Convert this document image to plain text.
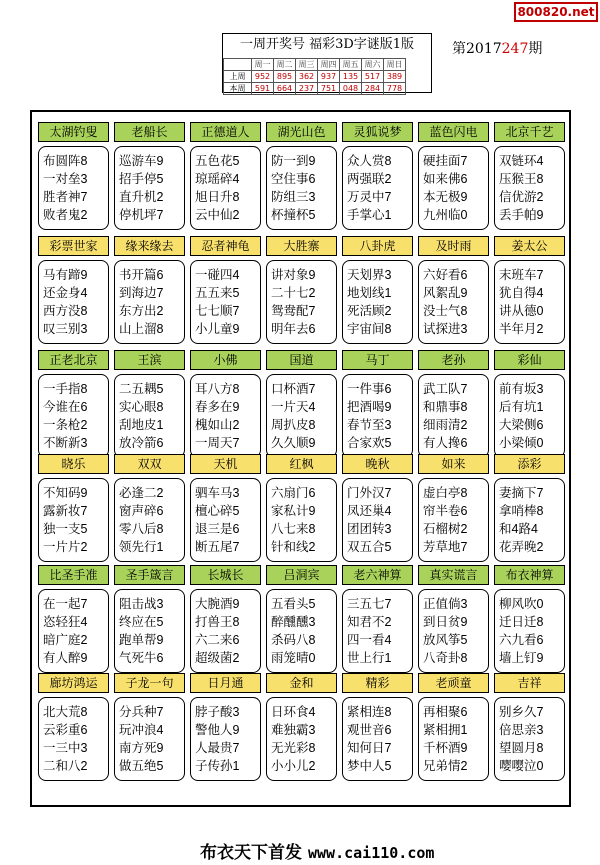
800820.net
一周开奖号 福彩3D字谜版1版
	周一	周二	周三	周四	周五	周六	周日
上周	952	895	362	937	135	517	389
本周	591	664	237	751	048	284	778
第2017247期
太湖钓叟
布圆阵8
一对垒3
胜者神7
败者鬼2
老船长
巡游车9
招手停5
直升机2
停机坪7
正德道人
五色花5
琼瑶碎4
旭日升8
云中仙2
湖光山色
防一到9
空住事6
防组三3
杯撞杯5
灵狐说梦
众人赏8
两强联2
万灵中7
手掌心1
蓝色闪电
硬挂面7
如来佛6
本无极9
九州临0
北京千艺
双链环4
压猴王8
信优游2
丢手帕9
彩票世家
马有蹄9
还金身4
西方没8
叹三别3
缘来缘去
书开篇6
到海边7
东方出2
山上溜8
忍者神龟
一碰四4
五五来5
七七顺7
小儿童9
大胜寨
讲对象9
二十七2
鸳鸯配7
明年去6
八卦虎
天划界3
地划线1
死活顾2
宇宙间8
及时雨
六好看6
风絮乱9
没士气8
试探进3
姜太公
末班车7
犹自得4
讲从德0
半年月2
正老北京
一手指8
今谁在6
一条枪2
不断新3
王滨
二五耦5
实心眼8
刮地皮1
放冷箭6
小佛
耳八方8
春多在9
槐如山2
一周天7
国道
口杯酒7
一片天4
周扒皮8
久久顺9
马丁
一件事6
把酒喝9
春节至3
合家欢5
老孙
武工队7
和鼎事8
细雨清2
有人搀6
彩仙
前有坂3
后有坑1
大梁侧6
小梁倾0
晓乐
不知码9
露新妆7
独一支5
一片片2
双双
必逢二2
窗声碎6
零八后8
领先行1
天机
驷车马3
檀心碎5
退三是6
断五尾7
红枫
六扇门6
家私计9
八七来8
针和线2
晚秋
门外汉7
凤还巢4
团团转3
双五合5
如来
虚白亭8
帘半卷6
石榴树2
芳草地7
添彩
妻摘下7
拿哨棒8
和4路4
花弄晚2
比圣手准
在一起7
恣轻狂4
暗广庭2
有人醉9
圣手箴言
阻击战3
终应在5
跑单帮9
气死牛6
长城长
大腕酒9
打兽王8
六二来6
超级菌2
吕洞宾
五看头5
醉醺醺3
杀码八8
雨笼晴0
老六神算
三五七7
知君不2
四一看4
世上行1
真实谎言
正值倘3
到日贫9
放风筝5
八奇卦8
布衣神算
柳风吹0
迁日迁8
六九看6
墙上钉9
廊坊鸿运
北大荒8
云彩重6
一三中3
二和八2
子龙一句
分兵种7
玩冲浪4
南方死9
做五绝5
日月通
脖子酸3
警他人9
人最贵7
子传孙1
金和
日环食4
难独霸3
无光彩8
小小儿2
精彩
紧相连8
观世音6
知何日7
梦中人5
老顽童
再相聚6
紧相拥1
千杯酒9
兄弟情2
吉祥
别乡久7
倍思亲3
望圆月8
嘤嘤泣0
布衣天下首发 www.cai110.com
